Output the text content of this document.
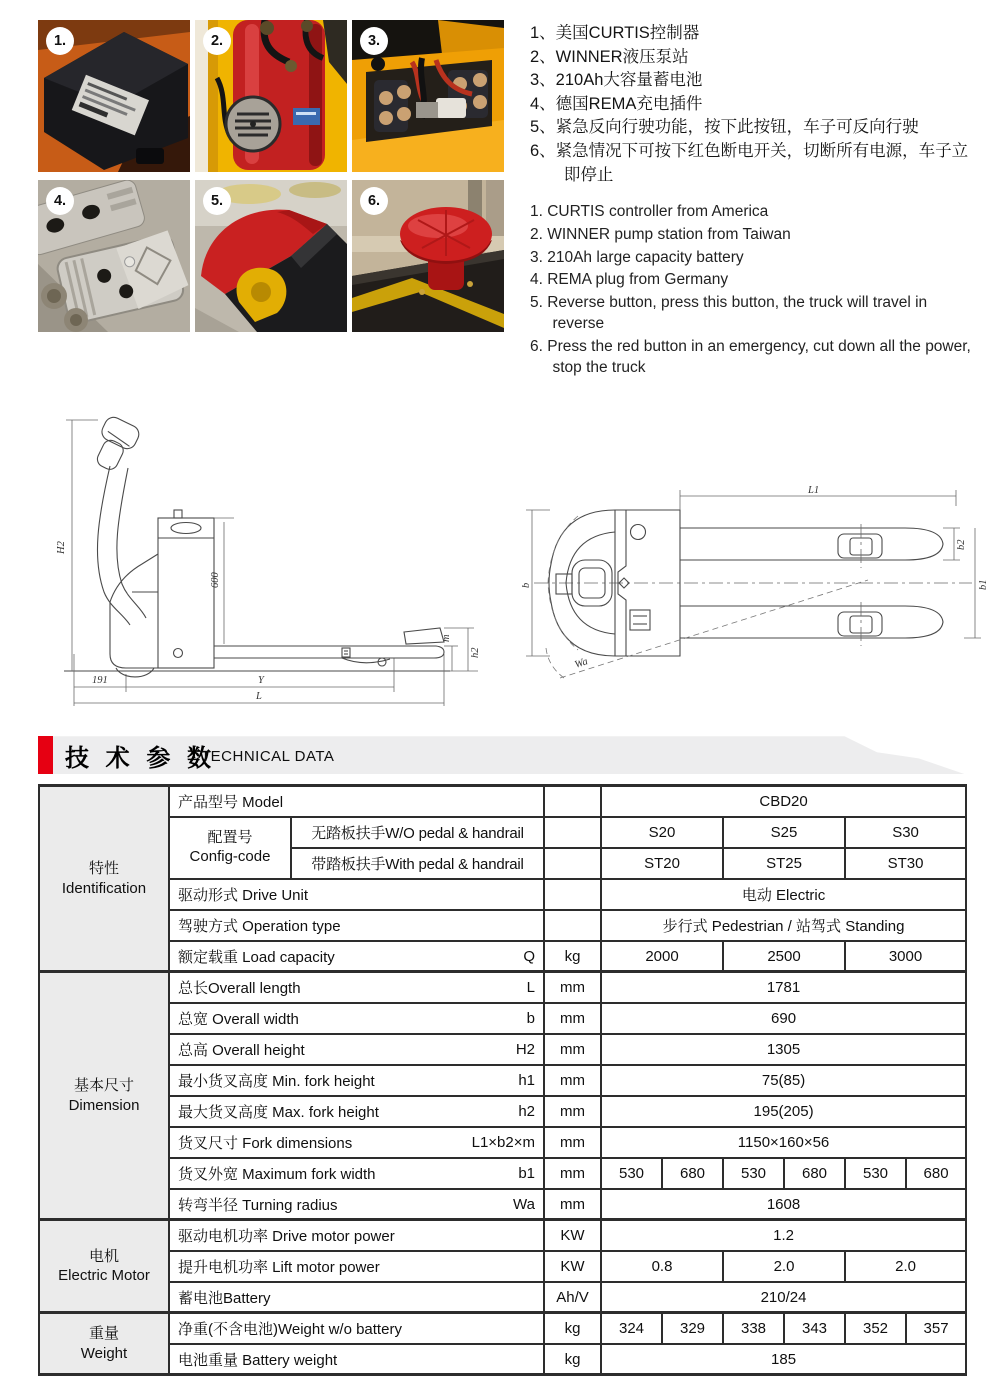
1.	2.	3.
4.	5.	6.
1、美国CURTIS控制器
2、WINNER液压泵站
3、210Ah大容量蓄电池
4、德国REMA充电插件
5、紧急反向行驶功能，按下此按钮，车子可反向行驶
6、紧急情况下可按下红色断电开关，切断所有电源，车子立即停止
1. CURTIS controller from America
2. WINNER pump station from Taiwan
3. 210Ah large capacity battery
4. REMA plug from Germany
5. Reverse button, press this button, the truck will travel in reverse
6. Press the red button in an emergency, cut down all the power, stop the truck
191	Y
L
H2
600
m
h2
L1
b
b2
b1
Wa
技 术 参 数
TECHNICAL DATA
特性
Identification	产品型号 Model			CBD20					

	配置号
Config-code	无踏板扶手W/O pedal & handrail		S20		S25		S30	
		带踏板扶手With pedal & handrail		ST20		ST25		ST30	

	驱动形式 Drive Unit			电动 Electric					

	驾驶方式 Operation type			步行式 Pedestrian / 站驾式 Standing					

	额定载重 Load capacity Q		kg	2000		2500		3000	

基本尺寸
Dimension

总长Overall length	L	mm	1781

	总宽 Overall width b		mm	690					

	总高 Overall height H2		mm	1305					

	最小货叉高度 Min. fork height h1		mm	75(85)					

	最大货叉高度 Max. fork height h2		mm	195(205)					

	货叉尺寸 Fork dimensions L1×b2×m		mm	1150×160×56					

	货叉外宽 Maximum fork width b1		mm	530	680	530	680	530	680

	转弯半径 Turning radius Wa		mm	1608					

电机
Electric Motor	驱动电机功率 Drive motor power		KW	1.2					

	提升电机功率 Lift motor power		KW	0.8		2.0		2.0	

	蓄电池Battery		Ah/V	210/24					

重量
Weight	净重(不含电池)Weight w/o battery		kg	324	329	338	343	352	357

	电池重量 Battery weight		kg	185					
